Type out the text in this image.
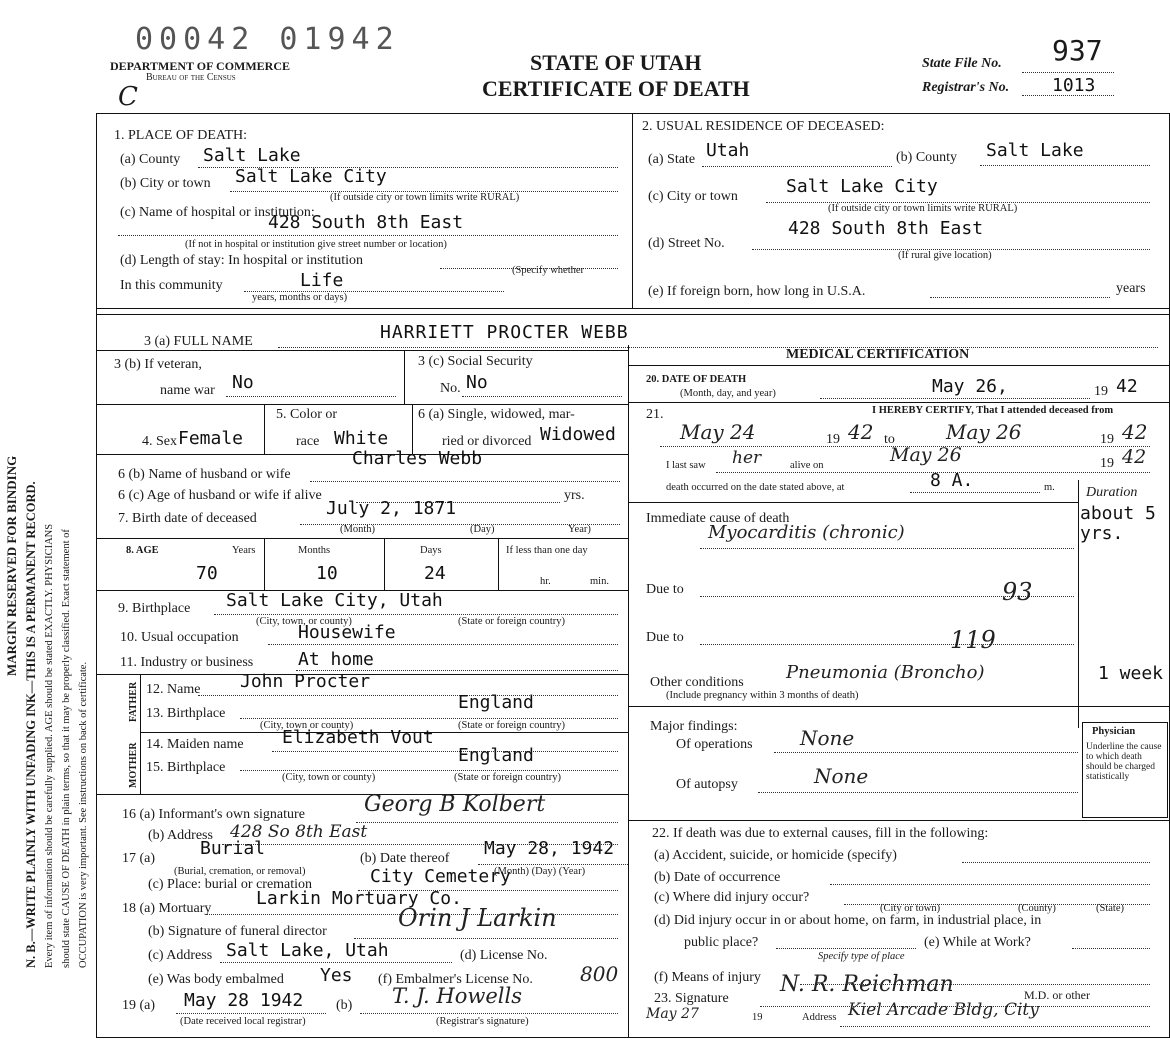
MARGIN RESERVED FOR BINDING N. B.—WRITE PLAINLY WITH UNFADING INK—THIS IS A PERMANENT RECORD. Every item of information should be carefully supplied. AGE should be stated EXACTLY. PHYSICIANS should state CAUSE OF DEATH in plain terms, so that it may be properly classified. Exact statement of OCCUPATION is very important. See instructions on back of certificate.
00042 01942
C
DEPARTMENT OF COMMERCE
Bureau of the Census
STATE OF UTAH
CERTIFICATE OF DEATH
State File No. 937
Registrar's No. 1013
1. PLACE OF DEATH:
(a) County Salt Lake
(b) City or town Salt Lake City
(If outside city or town limits write RURAL)
(c) Name of hospital or institution:
428 South 8th East
(If not in hospital or institution give street number or location)
(d) Length of stay: In hospital or institution
In this community	Life	(Specify whether
years, months or days)
2. USUAL RESIDENCE OF DECEASED:
(a) State Utah	(b) County Salt Lake
(c) City or town	Salt Lake City
(If outside city or town limits write RURAL)
(d) Street No.
428 South 8th East
(If rural give location)
(e) If foreign born, how long in U.S.A.	years
3 (a) FULL NAME	HARRIETT PROCTER WEBB
3 (b) If veteran,
name war No
3 (c) Social Security
No. No
4. Sex Female
5. Color or
race White
6 (a) Single, widowed, mar-
ried or divorced Widowed
6 (b) Name of husband or wife
Charles Webb
6 (c) Age of husband or wife if alive	yrs.
7. Birth date of deceased	July 2, 1871
(Month)	(Day)	Year)
8. AGE	Years	Months	Days	If less than one day
70	10	24	hr.	min.
9. Birthplace Salt Lake City, Utah
(City, town, or county)	(State or foreign country)
10. Usual occupation	Housewife
11. Industry or business At home
FATHER
MOTHER
12. Name John Procter
13. Birthplace
England
(City, town or county)	(State or foreign country)
14. Maiden name Elizabeth Vout
15. Birthplace
England
(City, town or county)	(State or foreign country)
16 (a) Informant's own signature	Georg B Kolbert
(b) Address 428 So 8th East
17 (a) Burial
(Burial, cremation, or removal)
(b) Date thereof May 28, 1942
(Month) (Day) (Year)
(c) Place: burial or cremation	City Cemetery
18 (a) Mortuary Larkin Mortuary Co.
(b) Signature of funeral director	Orin J Larkin
(c) Address Salt Lake, Utah	(d) License No.
(e) Was body embalmed Yes (f) Embalmer's License No. 800
19 (a) May 28 1942
(Date received local registrar)
(b) T. J. Howells
(Registrar's signature)
MEDICAL CERTIFICATION
20. DATE OF DEATH
(Month, day, and year)	May 26,	19 42
21.	I HEREBY CERTIFY, That I attended deceased from
May 24	19 42 to	May 26	19 42
I last saw her	alive on	May 26	19 42
death occurred on the date stated above, at	8 A.	m. Duration
Immediate cause of death
Myocarditis (chronic)
about 5 yrs.
Due to	93
Due to	119
Other conditions
(Include pregnancy within 3 months of death)
Pneumonia (Broncho)	1 week
Major findings:
Of operations None
Of autopsy	None
Physician
Underline the cause to which death should be charged statistically
22. If death was due to external causes, fill in the following:
(a) Accident, suicide, or homicide (specify)
(b) Date of occurrence
(c) Where did injury occur?
(City or town)	(County)	(State)
(d) Did injury occur in or about home, on farm, in industrial place, in
public place?	(e) While at Work?
Specify type of place
(f) Means of injury
23. Signature
N. R. Reichman	M.D. or other
May 27	19	Address Kiel Arcade Bldg, City
